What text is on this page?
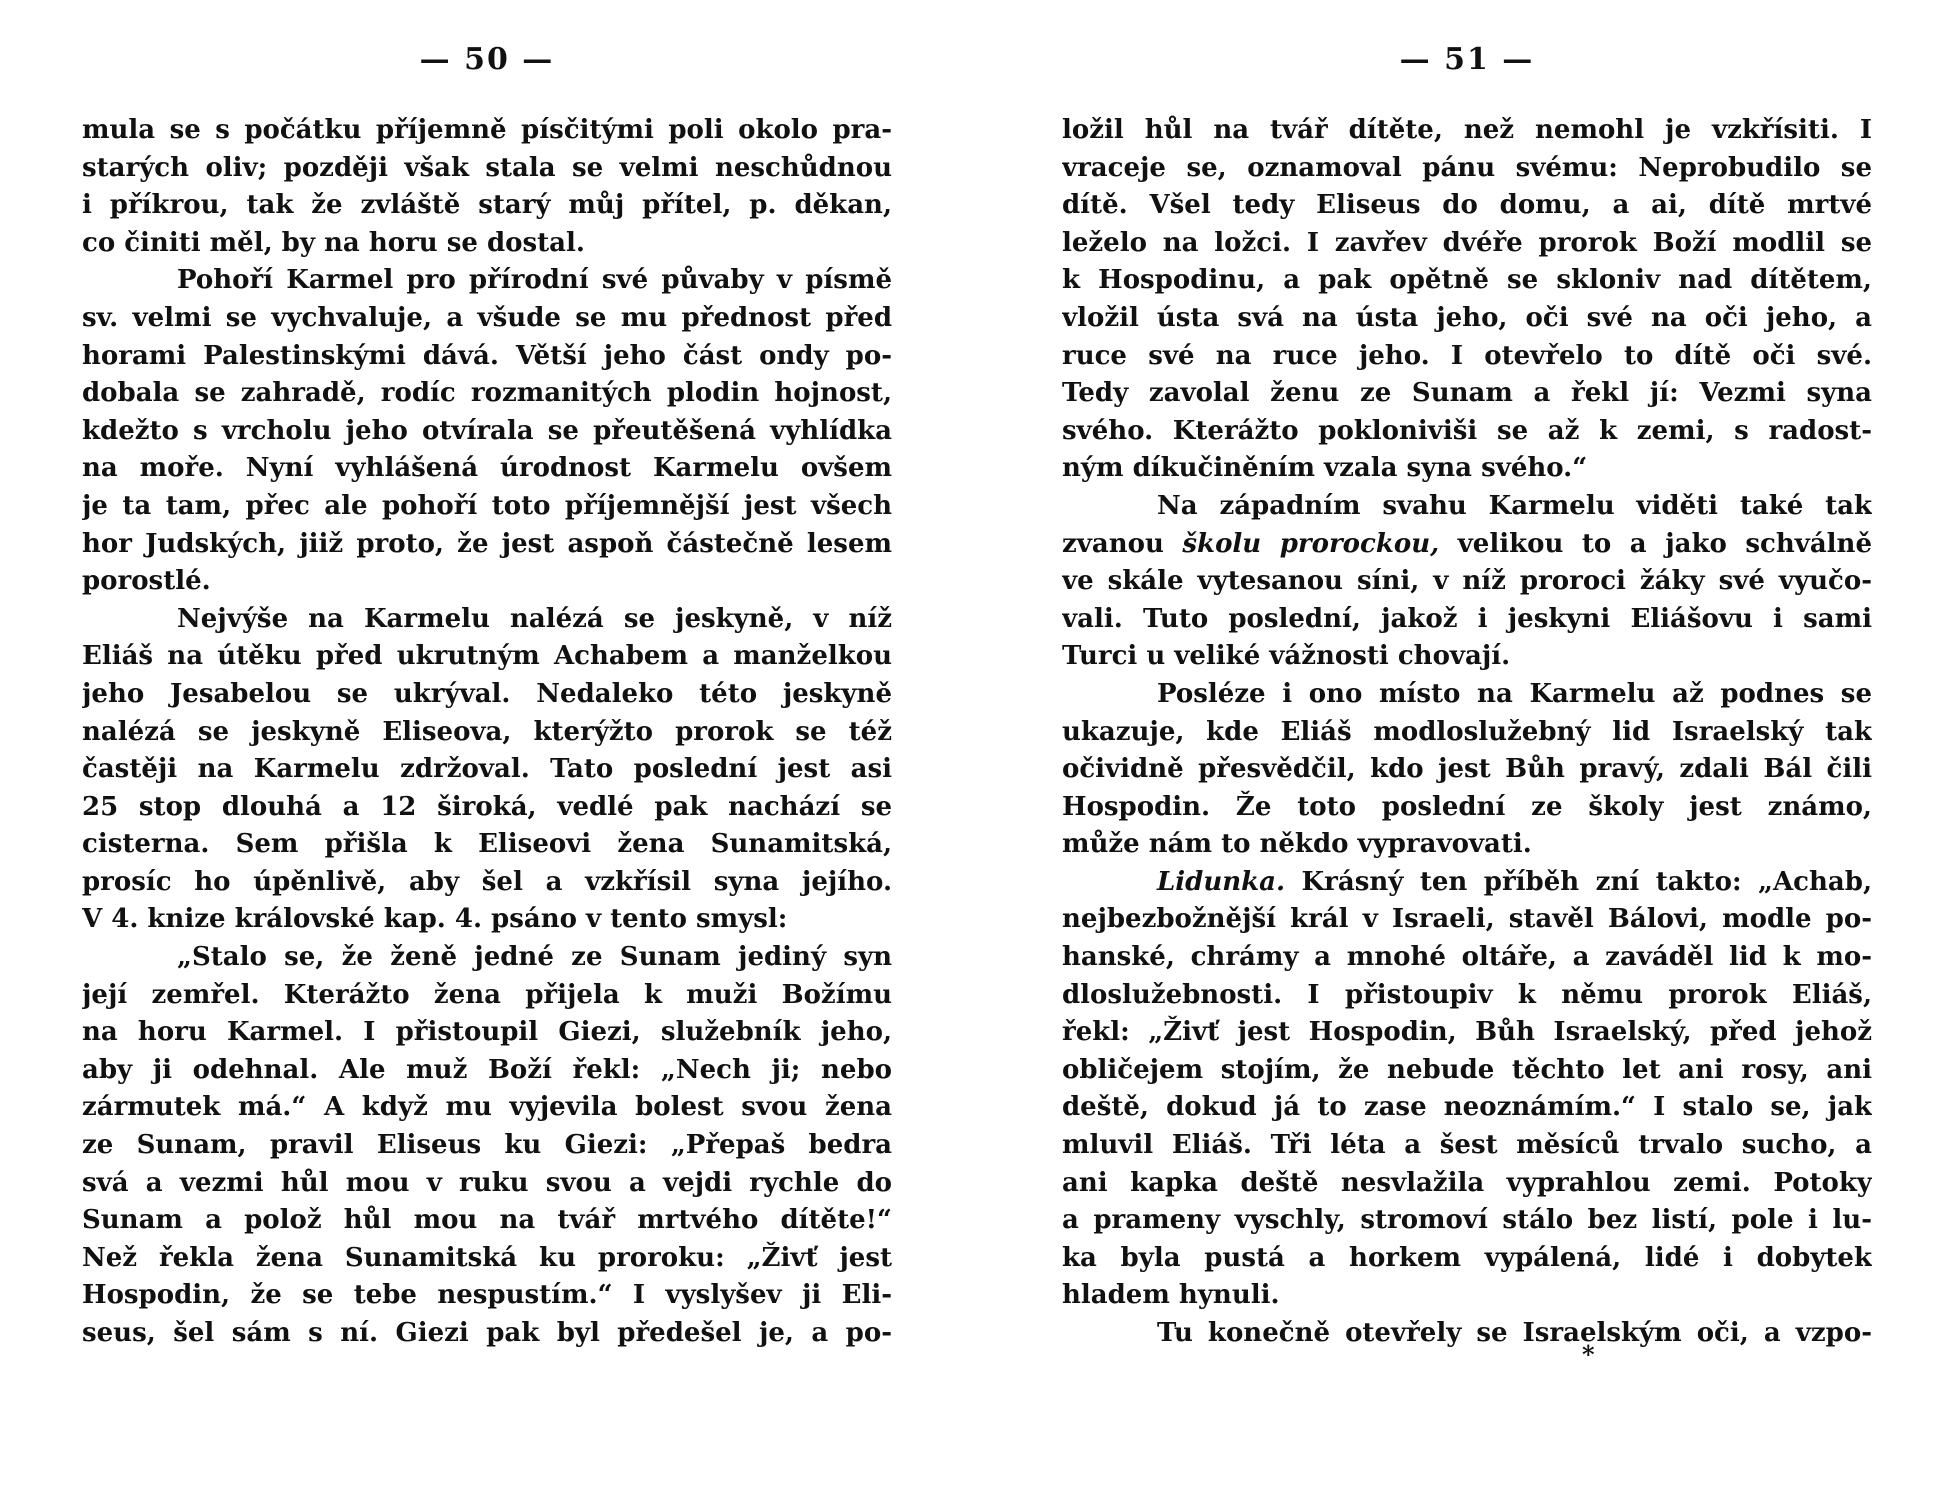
— 50 —
mula se s počátku příjemně písčitými poli okolo pra-
starých oliv; později však stala se velmi neschůdnou
i příkrou, tak že zvláště starý můj přítel, p. děkan,
co činiti měl, by na horu se dostal.
Pohoří Karmel pro přírodní své půvaby v písmě
sv. velmi se vychvaluje, a všude se mu přednost před
horami Palestinskými dává. Větší jeho část ondy po-
dobala se zahradě, rodíc rozmanitých plodin hojnost,
kdežto s vrcholu jeho otvírala se přeutěšená vyhlídka
na moře. Nyní vyhlášená úrodnost Karmelu ovšem
je ta tam, přec ale pohoří toto příjemnější jest všech
hor Judských, jiiž proto, že jest aspoň částečně lesem
porostlé.
Nejvýše na Karmelu nalézá se jeskyně, v níž
Eliáš na útěku před ukrutným Achabem a manželkou
jeho Jesabelou se ukrýval. Nedaleko této jeskyně
nalézá se jeskyně Eliseova, kterýžto prorok se též
častěji na Karmelu zdržoval. Tato poslední jest asi
25 stop dlouhá a 12 široká, vedlé pak nachází se
cisterna. Sem přišla k Eliseovi žena Sunamitská,
prosíc ho úpěnlivě, aby šel a vzkřísil syna jejího.
V 4. knize královské kap. 4. psáno v tento smysl:
„Stalo se, že ženě jedné ze Sunam jediný syn
její zemřel. Kterážto žena přijela k muži Božímu
na horu Karmel. I přistoupil Giezi, služebník jeho,
aby ji odehnal. Ale muž Boží řekl: „Nech ji; nebo
zármutek má.“ A když mu vyjevila bolest svou žena
ze Sunam, pravil Eliseus ku Giezi: „Přepaš bedra
svá a vezmi hůl mou v ruku svou a vejdi rychle do
Sunam a polož hůl mou na tvář mrtvého dítěte!“
Než řekla žena Sunamitská ku proroku: „Živť jest
Hospodin, že se tebe nespustím.“ I vyslyšev ji Eli-
seus, šel sám s ní. Giezi pak byl předešel je, a po-
— 51 —
ložil hůl na tvář dítěte, než nemohl je vzkřísiti. I
vraceje se, oznamoval pánu svému: Neprobudilo se
dítě. Všel tedy Eliseus do domu, a ai, dítě mrtvé
leželo na ložci. I zavřev dvéře prorok Boží modlil se
k Hospodinu, a pak opětně se skloniv nad dítětem,
vložil ústa svá na ústa jeho, oči své na oči jeho, a
ruce své na ruce jeho. I otevřelo to dítě oči své.
Tedy zavolal ženu ze Sunam a řekl jí: Vezmi syna
svého. Kterážto pokloniviši se až k zemi, s radost-
ným díkučiněním vzala syna svého.“
Na západním svahu Karmelu viděti také tak
zvanou školu prorockou, velikou to a jako schválně
ve skále vytesanou síni, v níž proroci žáky své vyučo-
vali. Tuto poslední, jakož i jeskyni Eliášovu i sami
Turci u veliké vážnosti chovají.
Posléze i ono místo na Karmelu až podnes se
ukazuje, kde Eliáš modloslužebný lid Israelský tak
očividně přesvědčil, kdo jest Bůh pravý, zdali Bál čili
Hospodin. Že toto poslední ze školy jest známo,
může nám to někdo vypravovati.
Lidunka. Krásný ten příběh zní takto: „Achab,
nejbezbožnější král v Israeli, stavěl Bálovi, modle po-
hanské, chrámy a mnohé oltáře, a zaváděl lid k mo-
dloslužebnosti. I přistoupiv k němu prorok Eliáš,
řekl: „Živť jest Hospodin, Bůh Israelský, před jehož
obličejem stojím, že nebude těchto let ani rosy, ani
deště, dokud já to zase neoznámím.“ I stalo se, jak
mluvil Eliáš. Tři léta a šest měsíců trvalo sucho, a
ani kapka deště nesvlažila vyprahlou zemi. Potoky
a prameny vyschly, stromoví stálo bez listí, pole i lu-
ka byla pustá a horkem vypálená, lidé i dobytek
hladem hynuli.
Tu konečně otevřely se Israelským oči, a vzpo-
*
